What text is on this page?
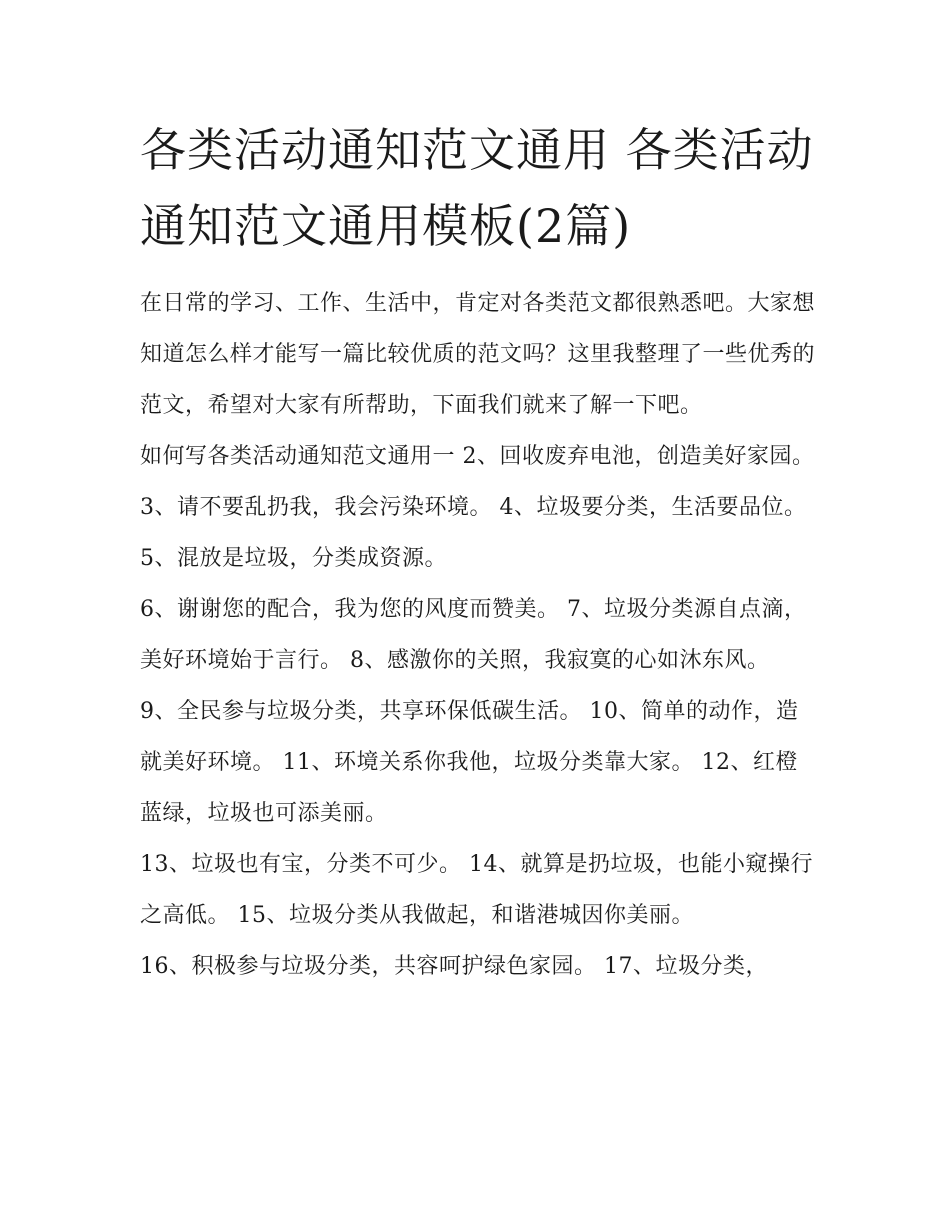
各类活动通知范文通用 各类活动通知范文通用模板(2篇)

在日常的学习、工作、生活中，肯定对各类范文都很熟悉吧。大家想知道怎么样才能写一篇比较优质的范文吗？这里我整理了一些优秀的范文，希望对大家有所帮助，下面我们就来了解一下吧。

如何写各类活动通知范文通用一 2、回收废弃电池，创造美好家园。 3、请不要乱扔我，我会污染环境。 4、垃圾要分类，生活要品位。 5、混放是垃圾，分类成资源。

6、谢谢您的配合，我为您的风度而赞美。 7、垃圾分类源自点滴，美好环境始于言行。 8、感激你的关照，我寂寞的心如沐东风。

9、全民参与垃圾分类，共享环保低碳生活。 10、简单的动作，造就美好环境。 11、环境关系你我他，垃圾分类靠大家。 12、红橙蓝绿，垃圾也可添美丽。

13、垃圾也有宝，分类不可少。 14、就算是扔垃圾，也能小窥操行之高低。 15、垃圾分类从我做起，和谐港城因你美丽。

16、积极参与垃圾分类，共容呵护绿色家园。 17、垃圾分类，
